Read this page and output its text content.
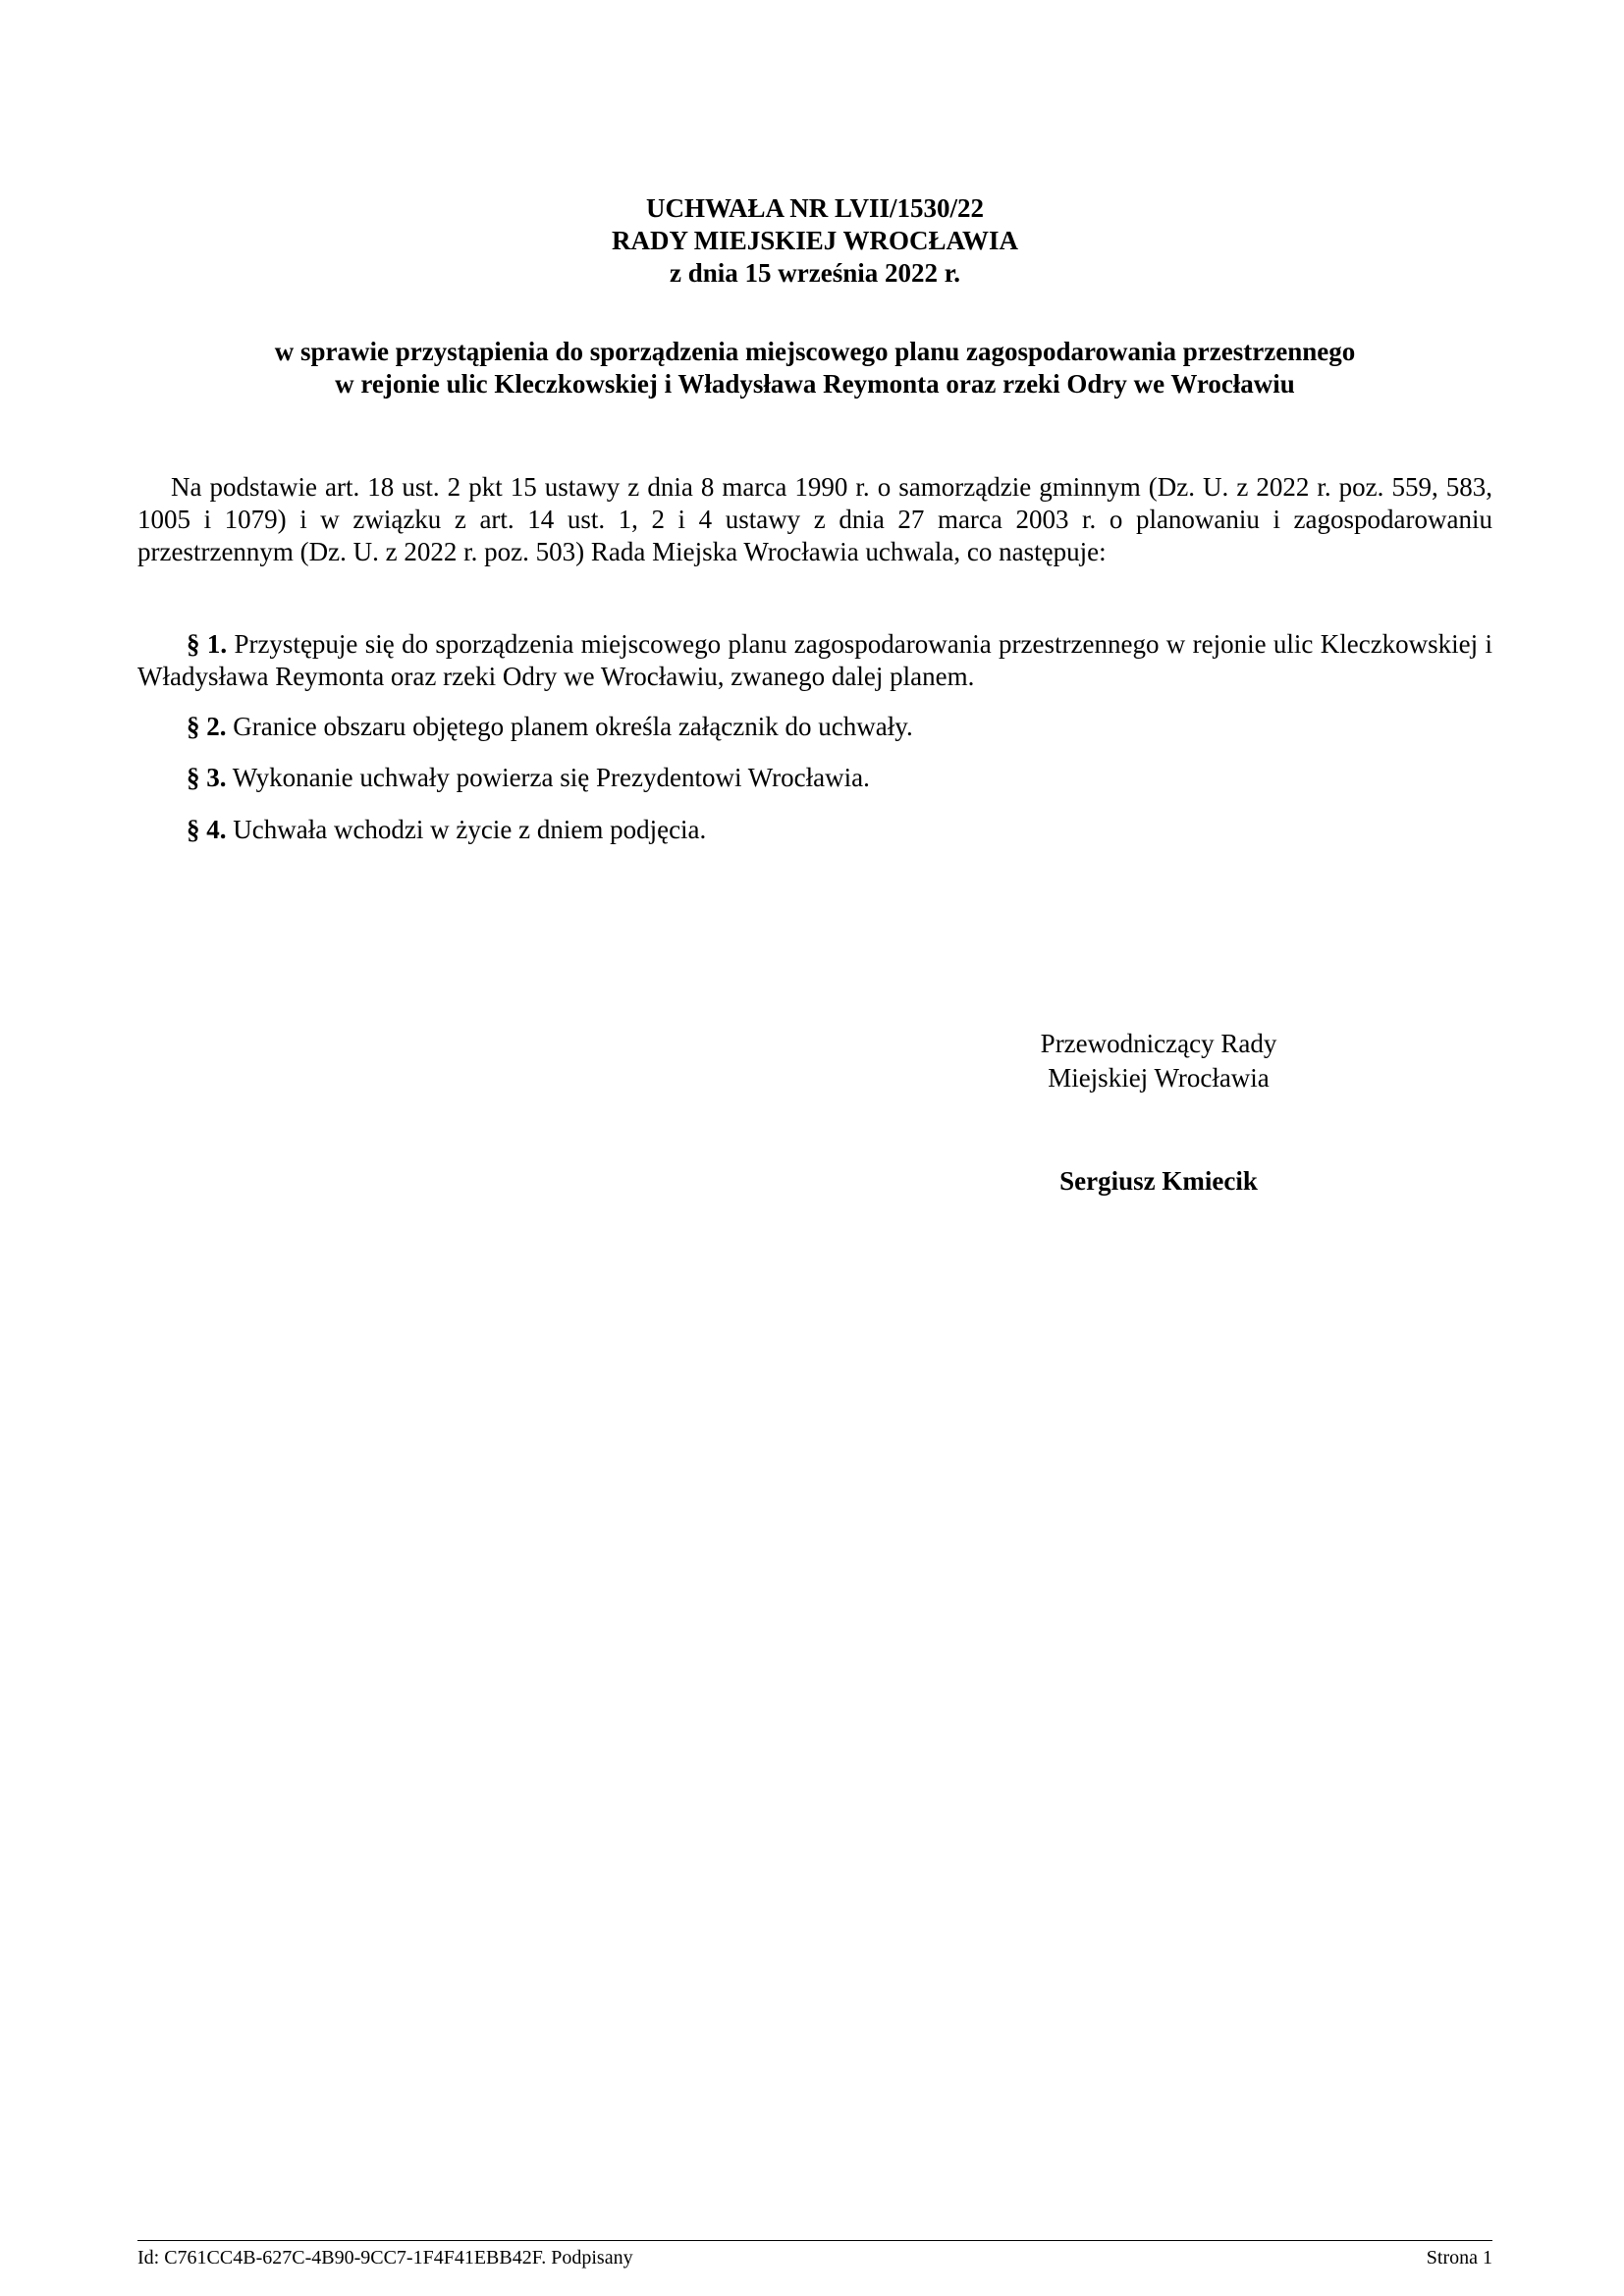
UCHWAŁA NR LVII/1530/22
RADY MIEJSKIEJ WROCŁAWIA
z dnia 15 września 2022 r.
w sprawie przystąpienia do sporządzenia miejscowego planu zagospodarowania przestrzennego
w rejonie ulic Kleczkowskiej i Władysława Reymonta oraz rzeki Odry we Wrocławiu
Na podstawie art. 18 ust. 2 pkt 15 ustawy z dnia 8 marca 1990 r. o samorządzie gminnym (Dz. U. z 2022 r. poz. 559, 583, 1005 i 1079) i w związku z art. 14 ust. 1, 2 i 4 ustawy z dnia 27 marca 2003 r. o planowaniu i zagospodarowaniu przestrzennym (Dz. U. z 2022 r. poz. 503) Rada Miejska Wrocławia uchwala, co następuje:
§ 1. Przystępuje się do sporządzenia miejscowego planu zagospodarowania przestrzennego w rejonie ulic Kleczkowskiej i Władysława Reymonta oraz rzeki Odry we Wrocławiu, zwanego dalej planem.
§ 2. Granice obszaru objętego planem określa załącznik do uchwały.
§ 3. Wykonanie uchwały powierza się Prezydentowi Wrocławia.
§ 4. Uchwała wchodzi w życie z dniem podjęcia.
Przewodniczący Rady
Miejskiej Wrocławia
Sergiusz Kmiecik
Id: C761CC4B-627C-4B90-9CC7-1F4F41EBB42F. Podpisany	Strona 1
